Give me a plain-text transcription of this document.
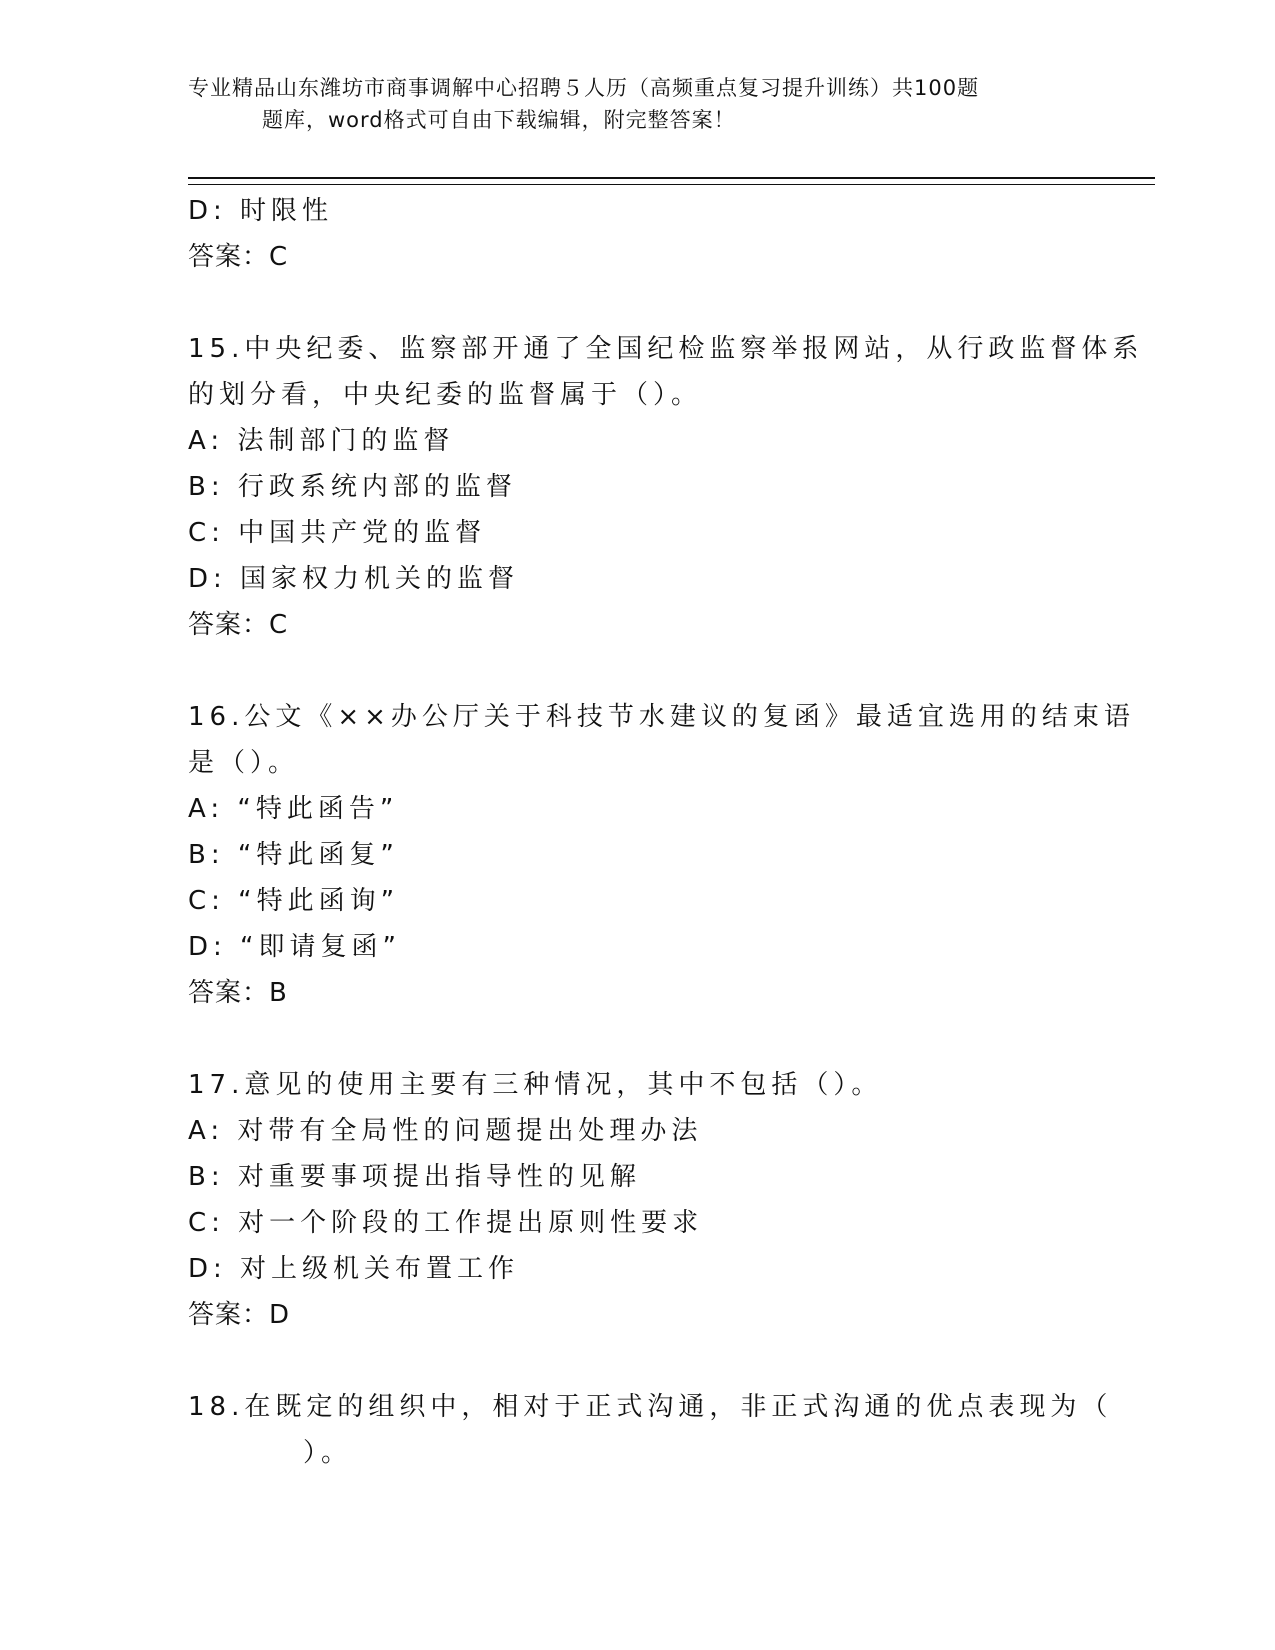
专业精品山东潍坊市商事调解中心招聘５人历（高频重点复习提升训练）共100题
题库，word格式可自由下载编辑，附完整答案！
D: 时限性
答案：C
15.中央纪委、监察部开通了全国纪检监察举报网站，从行政监督体系
的划分看，中央纪委的监督属于（）。
A: 法制部门的监督
B: 行政系统内部的监督
C: 中国共产党的监督
D: 国家权力机关的监督
答案：C
16.公文《××办公厅关于科技节水建议的复函》最适宜选用的结束语
是（）。
A: “特此函告”
B: “特此函复”
C: “特此函询”
D: “即请复函”
答案：B
17.意见的使用主要有三种情况，其中不包括（）。
A: 对带有全局性的问题提出处理办法
B: 对重要事项提出指导性的见解
C: 对一个阶段的工作提出原则性要求
D: 对上级机关布置工作
答案：D
18.在既定的组织中，相对于正式沟通，非正式沟通的优点表现为（
）。
